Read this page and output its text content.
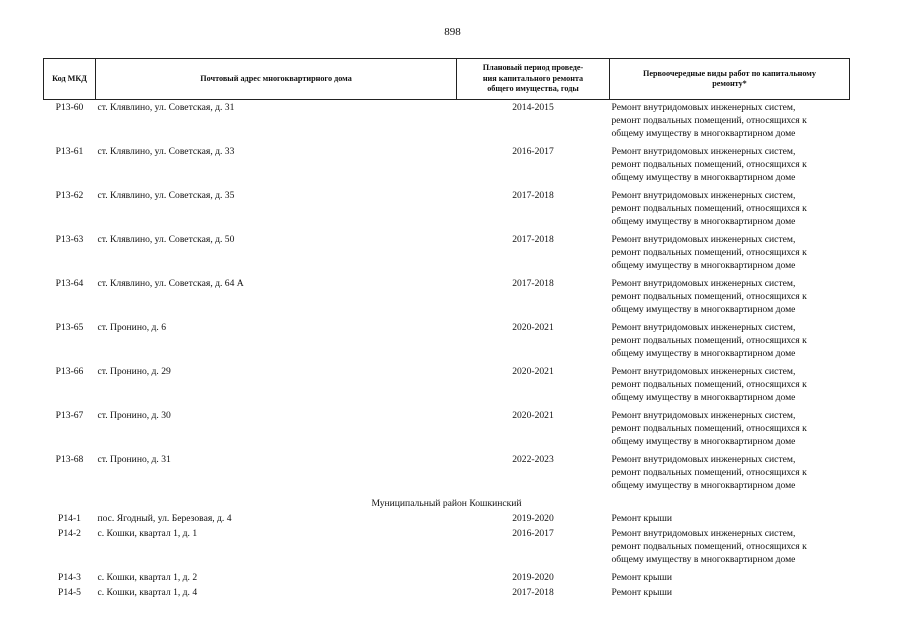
898
Код МКД	Почтовый адрес многоквартирного дома	Плановый период проведе-
ния капитального ремонта
общего имущества, годы	Первоочередные виды работ по капитальному
ремонту*

Р13-60	ст. Клявлино, ул. Советская, д. 31	2014-2015	Ремонт внутридомовых инженерных систем,
ремонт подвальных помещений, относящихся к
общему имуществу в многоквартирном доме

Р13-61	ст. Клявлино, ул. Советская, д. 33	2016-2017	Ремонт внутридомовых инженерных систем,
ремонт подвальных помещений, относящихся к
общему имуществу в многоквартирном доме

Р13-62	ст. Клявлино, ул. Советская, д. 35	2017-2018	Ремонт внутридомовых инженерных систем,
ремонт подвальных помещений, относящихся к
общему имуществу в многоквартирном доме

Р13-63	ст. Клявлино, ул. Советская, д. 50	2017-2018	Ремонт внутридомовых инженерных систем,
ремонт подвальных помещений, относящихся к
общему имуществу в многоквартирном доме

Р13-64	ст. Клявлино, ул. Советская, д. 64 А	2017-2018	Ремонт внутридомовых инженерных систем,
ремонт подвальных помещений, относящихся к
общему имуществу в многоквартирном доме

Р13-65	ст. Пронино, д. 6	2020-2021	Ремонт внутридомовых инженерных систем,
ремонт подвальных помещений, относящихся к
общему имуществу в многоквартирном доме

Р13-66	ст. Пронино, д. 29	2020-2021	Ремонт внутридомовых инженерных систем,
ремонт подвальных помещений, относящихся к
общему имуществу в многоквартирном доме

Р13-67	ст. Пронино, д. 30	2020-2021	Ремонт внутридомовых инженерных систем,
ремонт подвальных помещений, относящихся к
общему имуществу в многоквартирном доме

Р13-68	ст. Пронино, д. 31	2022-2023	Ремонт внутридомовых инженерных систем,
ремонт подвальных помещений, относящихся к
общему имуществу в многоквартирном доме

Муниципальный район Кошкинский			
Р14-1	пос. Ягодный, ул. Березовая, д. 4	2019-2020	Ремонт крыши

Р14-2	с. Кошки, квартал 1, д. 1	2016-2017	Ремонт внутридомовых инженерных систем,
ремонт подвальных помещений, относящихся к
общему имуществу в многоквартирном доме

Р14-3	с. Кошки, квартал 1, д. 2	2019-2020	Ремонт крыши

Р14-5	с. Кошки, квартал 1, д. 4	2017-2018	Ремонт крыши
